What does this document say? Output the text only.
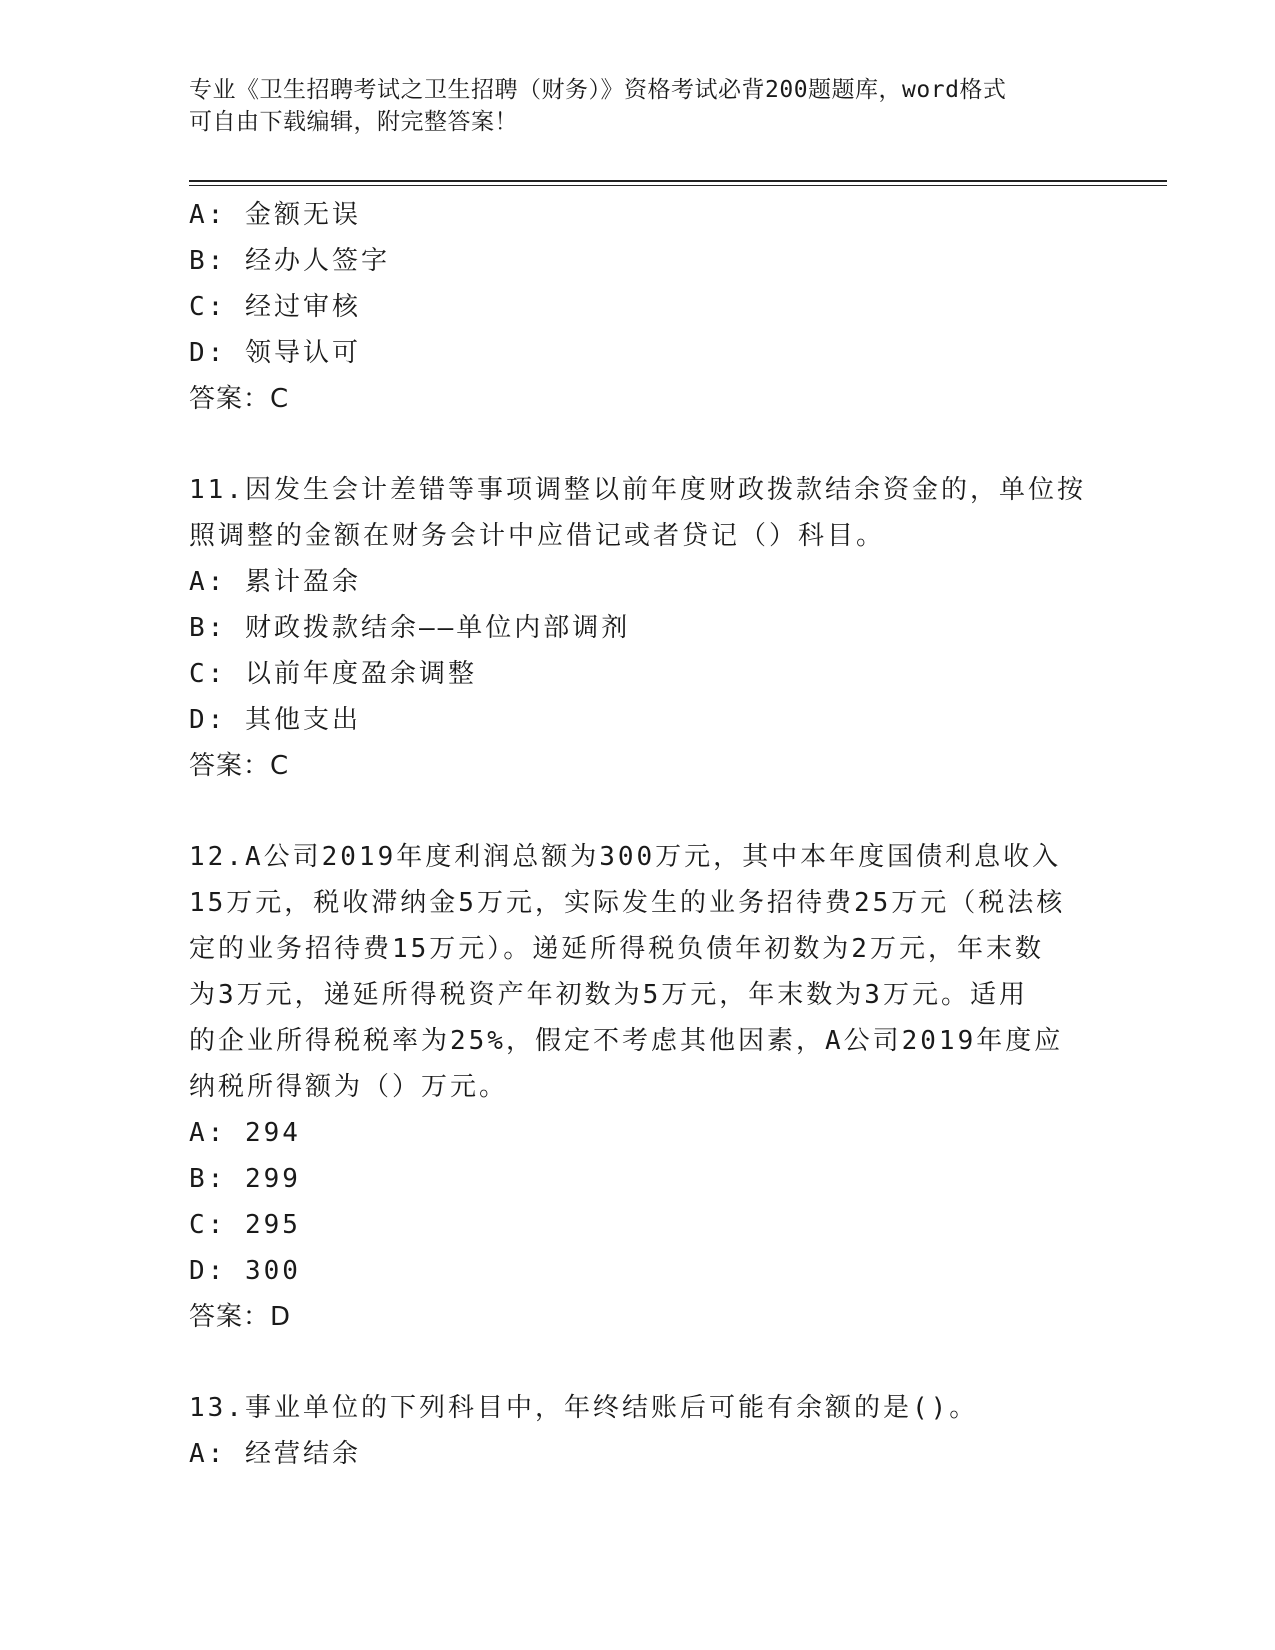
专业《卫生招聘考试之卫生招聘（财务）》资格考试必背200题题库，word格式
可自由下载编辑，附完整答案！
A: 金额无误
B: 经办人签字
C: 经过审核
D: 领导认可
答案：C
11.因发生会计差错等事项调整以前年度财政拨款结余资金的，单位按
照调整的金额在财务会计中应借记或者贷记（）科目。
A: 累计盈余
B: 财政拨款结余——单位内部调剂
C: 以前年度盈余调整
D: 其他支出
答案：C
12.A公司2019年度利润总额为300万元，其中本年度国债利息收入
15万元，税收滞纳金5万元，实际发生的业务招待费25万元（税法核
定的业务招待费15万元）。递延所得税负债年初数为2万元，年末数
为3万元，递延所得税资产年初数为5万元，年末数为3万元。适用
的企业所得税税率为25%，假定不考虑其他因素，A公司2019年度应
纳税所得额为（）万元。
A: 294
B: 299
C: 295
D: 300
答案：D
13.事业单位的下列科目中，年终结账后可能有余额的是()。
A: 经营结余
